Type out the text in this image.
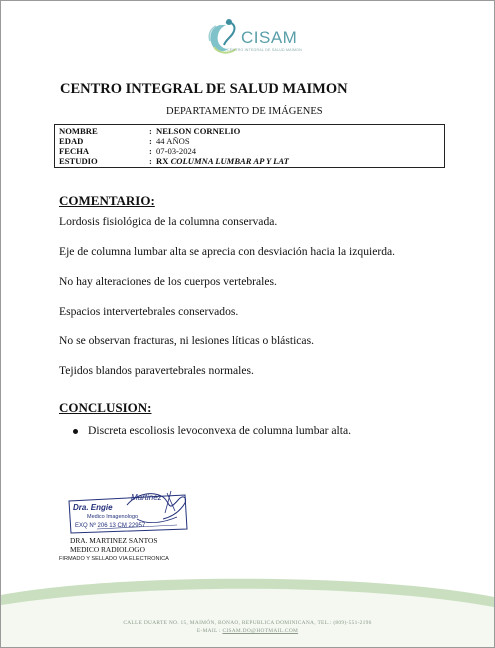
CISAM
CENTRO INTEGRAL DE SALUD MAIMON
CENTRO INTEGRAL DE SALUD MAIMON
DEPARTAMENTO DE IMÁGENES
NOMBRE	: NELSON CORNELIO
EDAD	: 44 AÑOS
FECHA	: 07-03-2024
ESTUDIO	: RX COLUMNA LUMBAR AP Y LAT
COMENTARIO:
Lordosis fisiológica de la columna conservada.
Eje de columna lumbar alta se aprecia con desviación hacia la izquierda.
No hay alteraciones de los cuerpos vertebrales.
Espacios intervertebrales conservados.
No se observan fracturas, ni lesiones líticas o blásticas.
Tejidos blandos paravertebrales normales.
CONCLUSION:
Discreta escoliosis levoconvexa de columna lumbar alta.
Dra. Engie
Martinez
Medico Imagenologo
EXQ Nº 206 13 CM 22957
DRA. MARTINEZ SANTOS
MEDICO RADIOLOGO
FIRMADO Y SELLADO VIA ELECTRONICA
CALLE DUARTE NO. 15, MAIMÓN, BONAO, REPUBLICA DOMINICANA, TEL.: (809)-551-2196
E-MAIL : CISAM.DO@HOTMAIL.COM
